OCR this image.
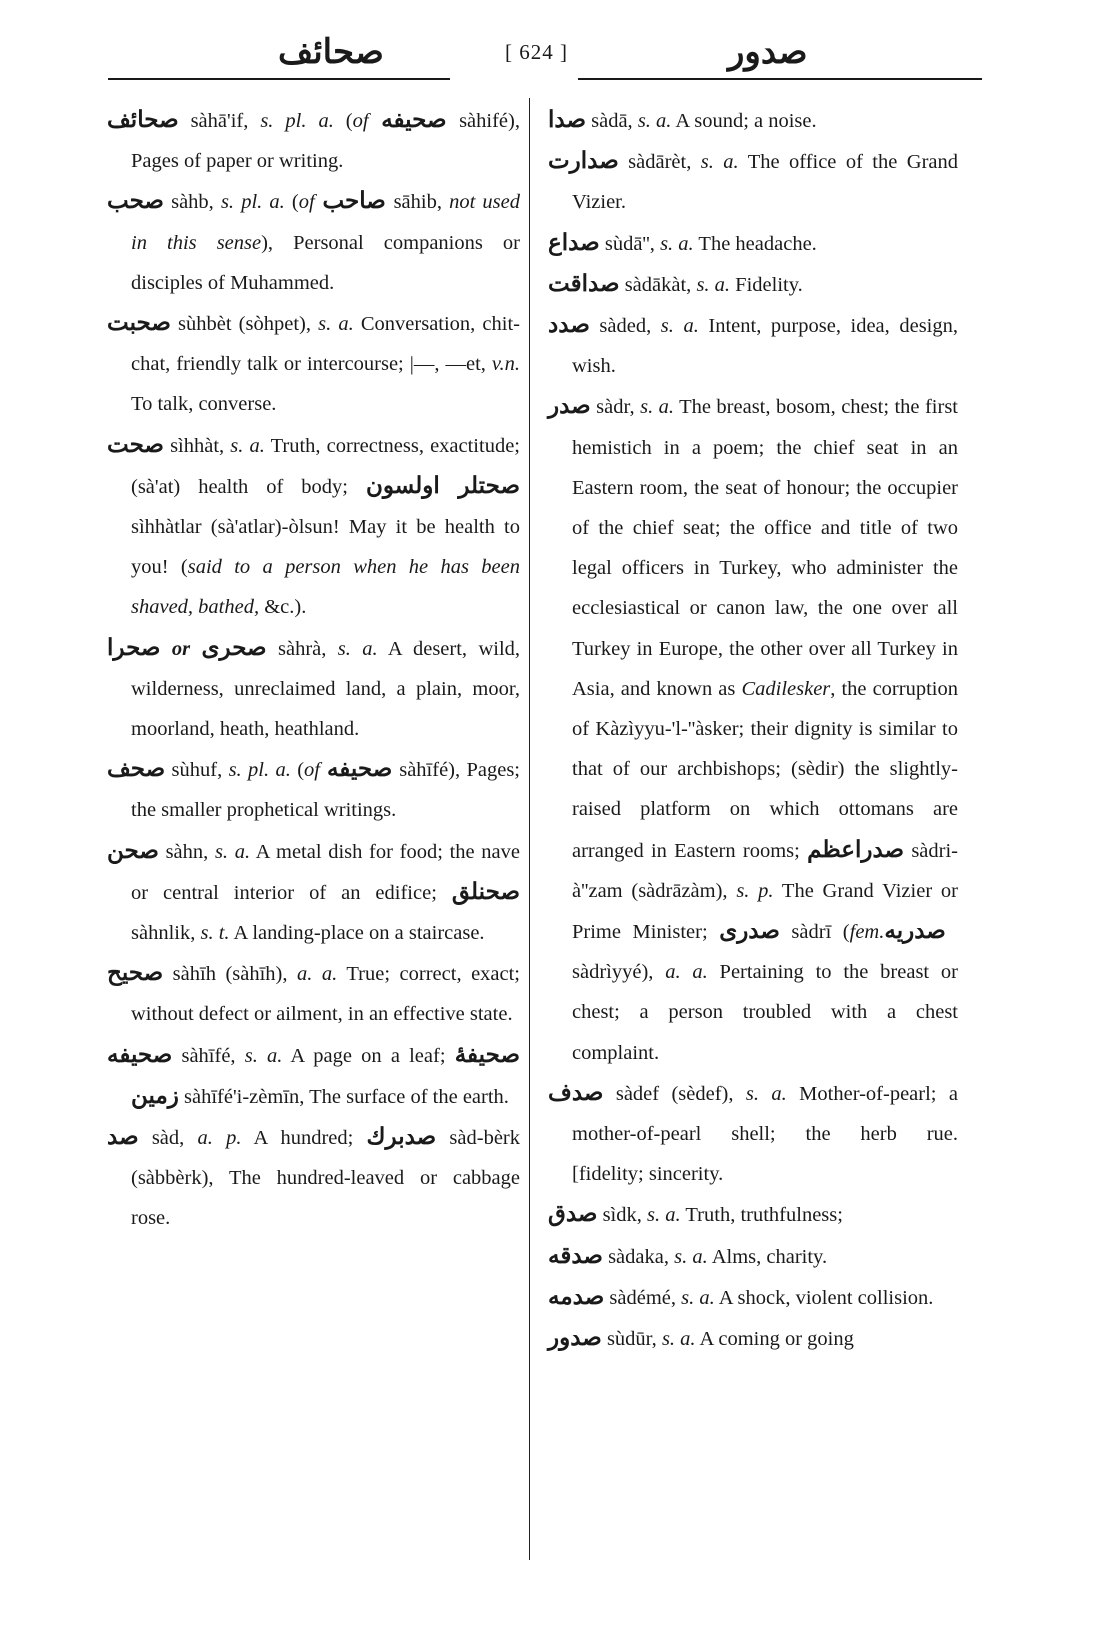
صحائف	[ 624 ]	صدور

صحائف sàhā'if, s. pl. a. (of صحیفه sàhifé), Pages of paper or writing.

صحب sàhb, s. pl. a. (of صاحب sāhib, not used in this sense), Personal companions or disciples of Muhammed.

صحبت sùhbèt (sòhpet), s. a. Conversation, chit-chat, friendly talk or intercourse; |—, —et, v.n. To talk, converse.

صحت sìhhàt, s. a. Truth, correctness, exactitude; (sà'at) health of body; صحتلر اولسون sìhhàtlar (sà'atlar)-òlsun! May it be health to you! (said to a person when he has been shaved, bathed, &c.).

صحرا or صحری sàhrà, s. a. A desert, wild, wilderness, unreclaimed land, a plain, moor, moorland, heath, heathland.

صحف sùhuf, s. pl. a. (of صحیفه sàhīfé), Pages; the smaller prophetical writings.

صحن sàhn, s. a. A metal dish for food; the nave or central interior of an edifice; صحنلق sàhnlik, s. t. A landing-place on a staircase.

صحیح sàhīh (sàhīh), a. a. True; correct, exact; without defect or ailment, in an effective state.

صحیفه sàhīfé, s. a. A page on a leaf; صحیفهٔ زمین sàhīfé'i-zèmīn, The surface of the earth.

صد sàd, a. p. A hundred; صدبرك sàd-bèrk (sàbbèrk), The hundred-leaved or cabbage rose.

صدا sàdā, s. a. A sound; a noise.

صدارت sàdārèt, s. a. The office of the Grand Vizier.

صداع sùdā'', s. a. The headache.

صداقت sàdākàt, s. a. Fidelity.

صدد sàded, s. a. Intent, purpose, idea, design, wish.

صدر sàdr, s. a. The breast, bosom, chest; the first hemistich in a poem; the chief seat in an Eastern room, the seat of honour; the occupier of the chief seat; the office and title of two legal officers in Turkey, who administer the ecclesiastical or canon law, the one over all Turkey in Europe, the other over all Turkey in Asia, and known as Cadilesker, the corruption of Kàzìyyu-'l-''àsker; their dignity is similar to that of our archbishops; (sèdir) the slightly-raised platform on which ottomans are arranged in Eastern rooms; صدراعظم sàdri-à''zam (sàdrāzàm), s. p. The Grand Vizier or Prime Minister; صدری sàdrī (fem. صدریه sàdrìyyé), a. a. Pertaining to the breast or chest; a person troubled with a chest complaint.

صدف sàdef (sèdef), s. a. Mother-of-pearl; a mother-of-pearl shell; the herb rue.          [fidelity; sincerity.

صدق sìdk, s. a. Truth, truthfulness;

صدقه sàdaka, s. a. Alms, charity.

صدمه sàdémé, s. a. A shock, violent collision.

صدور sùdūr, s. a. A coming or going
